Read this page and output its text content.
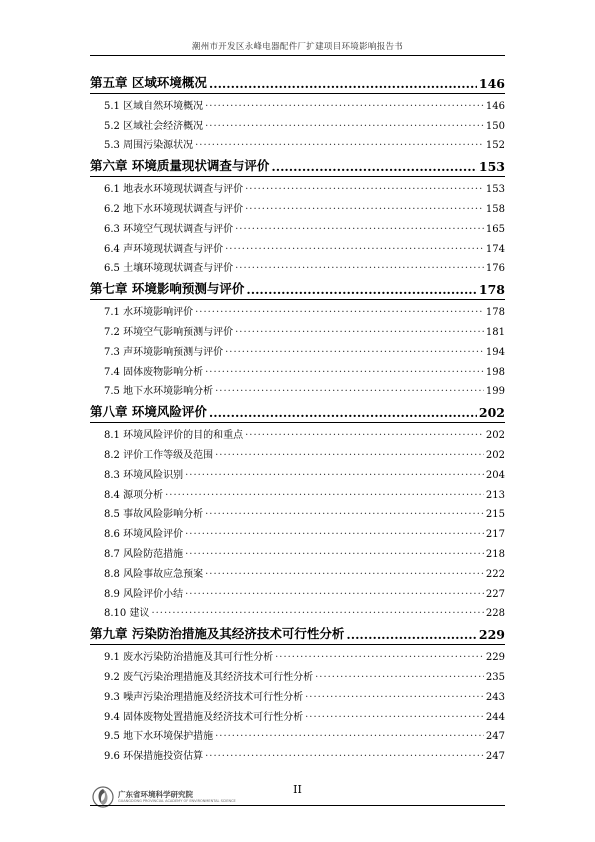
潮州市开发区永峰电器配件厂扩建项目环境影响报告书
第五章 区域环境概况 .....	146
5.1 区域自然环境概况 ·····	146
5.2 区域社会经济概况 ·····	150
5.3 周围污染源状况 ·····	152
第六章 环境质量现状调查与评价 .....	153
6.1 地表水环境现状调查与评价 ·····	153
6.2 地下水环境现状调查与评价 ·····	158
6.3 环境空气现状调查与评价 ·····	165
6.4 声环境现状调查与评价 ·····	174
6.5 土壤环境现状调查与评价 ·····	176
第七章 环境影响预测与评价 .....	178
7.1 水环境影响评价 ·····	178
7.2 环境空气影响预测与评价 ·····	181
7.3 声环境影响预测与评价 ·····	194
7.4 固体废物影响分析 ·····	198
7.5 地下水环境影响分析 ·····	199
第八章 环境风险评价 .....	202
8.1 环境风险评价的目的和重点 ·····	202
8.2 评价工作等级及范围 ·····	202
8.3 环境风险识别 ·····	204
8.4 源项分析 ·····	213
8.5 事故风险影响分析 ·····	215
8.6 环境风险评价 ·····	217
8.7 风险防范措施 ·····	218
8.8 风险事故应急预案 ·····	222
8.9 风险评价小结 ·····	227
8.10 建议 ·····	228
第九章 污染防治措施及其经济技术可行性分析 .....	229
9.1 废水污染防治措施及其可行性分析 ·····	229
9.2 废气污染治理措施及其经济技术可行性分析 ·····	235
9.3 噪声污染治理措施及经济技术可行性分析 ·····	243
9.4 固体废物处置措施及经济技术可行性分析 ·····	244
9.5 地下水环境保护措施 ·····	247
9.6 环保措施投资估算 ·····	247
广东省环境科学研究院
GUANGDONG PROVINCIAL ACADEMY OF ENVIRONMENTAL SCIENCE
II
